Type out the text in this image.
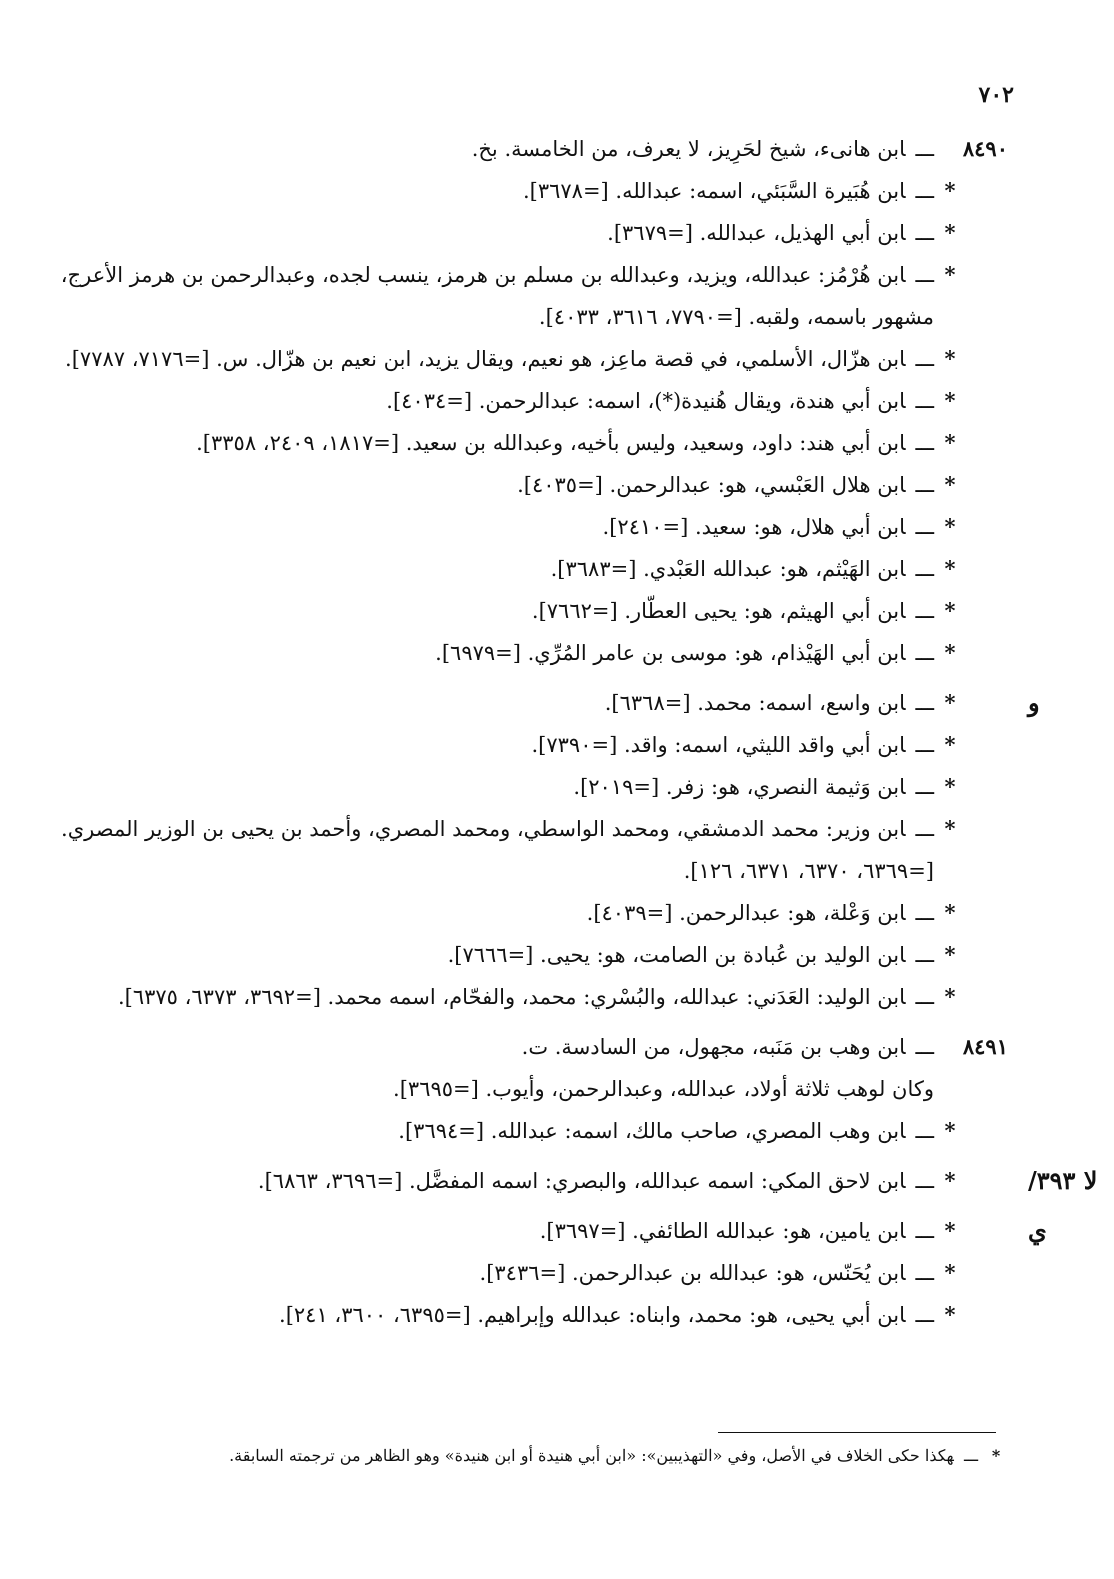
٧٠٢
٨٤٩٠
ـــابن هانىء، شيخ لحَرِيز، لا يعرف، من الخامسة. بخ.
*
ـــابن هُبَيرة السَّبَئي، اسمه: عبدالله. [=٣٦٧٨].
*
ـــابن أبي الهذيل، عبدالله. [=٣٦٧٩].
*
ـــابن هُرْمُز: عبدالله، ويزيد، وعبدالله بن مسلم بن هرمز، ينسب لجده، وعبدالرحمن بن هرمز الأعرج، مشهور باسمه، ولقبه. [=٧٧٩٠، ٣٦١٦، ٤٠٣٣].
*
ـــابن هزّال، الأسلمي، في قصة ماعِز، هو نعيم، ويقال يزيد، ابن نعيم بن هزّال. س. [=٧١٧٦، ٧٧٨٧].
*
ـــابن أبي هندة، ويقال هُنيدة(*)، اسمه: عبدالرحمن. [=٤٠٣٤].
*
ـــابن أبي هند: داود، وسعيد، وليس بأخيه، وعبدالله بن سعيد. [=١٨١٧، ٢٤٠٩، ٣٣٥٨].
*
ـــابن هلال العَبْسي، هو: عبدالرحمن. [=٤٠٣٥].
*
ـــابن أبي هلال، هو: سعيد. [=٢٤١٠].
*
ـــابن الهَيْثم، هو: عبدالله العَبْدي. [=٣٦٨٣].
*
ـــابن أبي الهيثم، هو: يحيى العطّار. [=٧٦٦٢].
*
ـــابن أبي الهَيْذام، هو: موسى بن عامر المُرِّي. [=٦٩٧٩].
و
*
ـــابن واسع، اسمه: محمد. [=٦٣٦٨].
*
ـــابن أبي واقد الليثي، اسمه: واقد. [=٧٣٩٠].
*
ـــابن وَثيمة النصري، هو: زفر. [=٢٠١٩].
*
ـــابن وزير: محمد الدمشقي، ومحمد الواسطي، ومحمد المصري، وأحمد بن يحيى بن الوزير المصري. [=٦٣٦٩، ٦٣٧٠، ٦٣٧١، ١٢٦].
*
ـــابن وَعْلة، هو: عبدالرحمن. [=٤٠٣٩].
*
ـــابن الوليد بن عُبادة بن الصامت، هو: يحيى. [=٧٦٦٦].
*
ـــابن الوليد: العَدَني: عبدالله، والبُسْري: محمد، والفحّام، اسمه محمد. [=٣٦٩٢، ٦٣٧٣، ٦٣٧٥].
٨٤٩١
ـــابن وهب بن مَنَبه، مجهول، من السادسة. ت.
وكان لوهب ثلاثة أولاد، عبدالله، وعبدالرحمن، وأيوب. [=٣٦٩٥].
*
ـــابن وهب المصري، صاحب مالك، اسمه: عبدالله. [=٣٦٩٤].
لا ٣٩٣/
*
ـــابن لاحق المكي: اسمه عبدالله، والبصري: اسمه المفضَّل. [=٣٦٩٦، ٦٨٦٣].
ي
*
ـــابن يامين، هو: عبدالله الطائفي. [=٣٦٩٧].
*
ـــابن يُحَنّس، هو: عبدالله بن عبدالرحمن. [=٣٤٣٦].
*
ـــابن أبي يحيى، هو: محمد، وابناه: عبدالله وإبراهيم. [=٦٣٩٥، ٣٦٠٠، ٢٤١].
*
ـــهكذا حكى الخلاف في الأصل، وفي «التهذيبين»: «ابن أبي هنيدة أو ابن هنيدة» وهو الظاهر من ترجمته السابقة.
